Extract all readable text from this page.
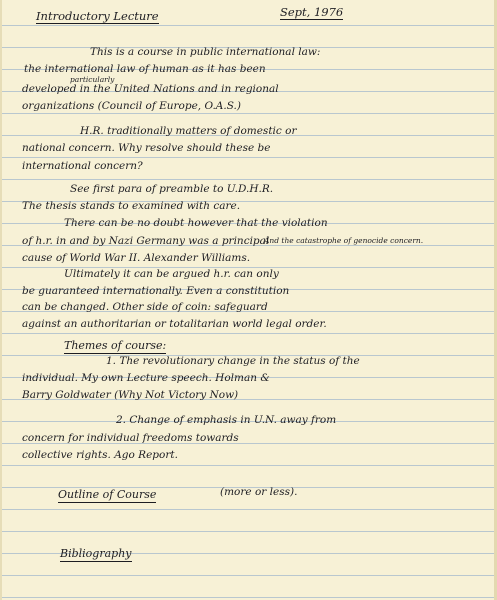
Introductory Lecture	Sept, 1976
This is a course in public international law:
the international law of human as it has been
particularly
developed in the United Nations and in regional
organizations (Council of Europe, O.A.S.)
H.R. traditionally matters of domestic or
national concern. Why resolve should these be
international concern?
See first para of preamble to U.D.H.R.
The thesis stands to examined with care.
There can be no doubt however that the violation
of h.r. in and by Nazi Germany was a principal
And the catastrophe of genocide concern.
cause of World War II. Alexander Williams.
Ultimately it can be argued h.r. can only
be guaranteed internationally. Even a constitution
can be changed. Other side of coin: safeguard
against an authoritarian or totalitarian world legal order.
Themes of course:
1. The revolutionary change in the status of the
individual. My own Lecture speech. Holman &
Barry Goldwater (Why Not Victory Now)
2. Change of emphasis in U.N. away from
concern for individual freedoms towards
collective rights. Ago Report.
Outline of Course	(more or less).
Bibliography
